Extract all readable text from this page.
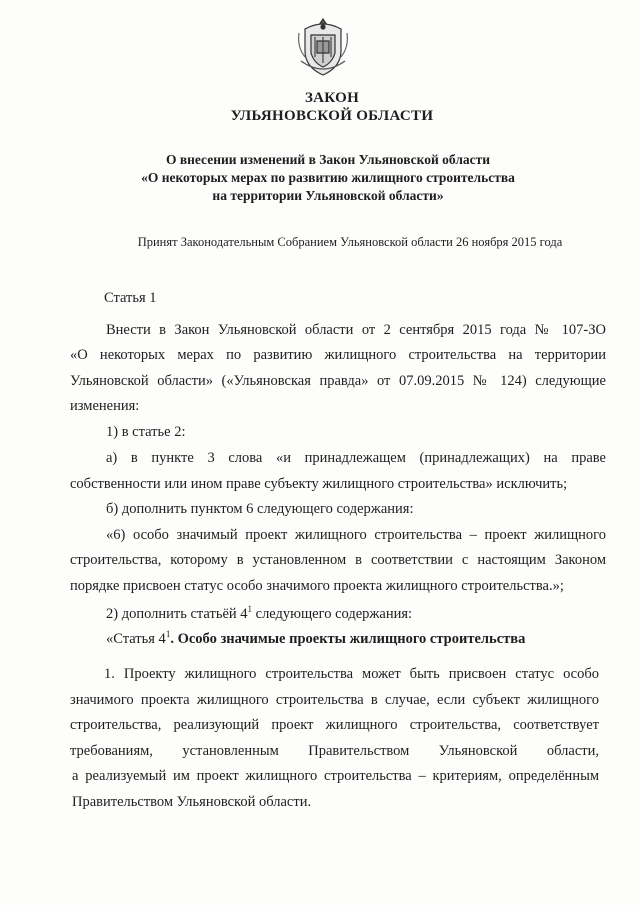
ЗАКОН
УЛЬЯНОВСКОЙ ОБЛАСТИ
О внесении изменений в Закон Ульяновской области
«О некоторых мерах по развитию жилищного строительства
на территории Ульяновской области»
Принят Законодательным Собранием Ульяновской области 26 ноября 2015 года
Статья 1
Внести в Закон Ульяновской области от 2 сентября 2015 года № 107-ЗО
«О некоторых мерах по развитию жилищного строительства на территории
Ульяновской области» («Ульяновская правда» от 07.09.2015 № 124) следующие
изменения:
1) в статье 2:
а) в пункте 3 слова «и принадлежащем (принадлежащих) на праве
собственности или ином праве субъекту жилищного строительства» исключить;
б) дополнить пунктом 6 следующего содержания:
«6) особо значимый проект жилищного строительства – проект жилищного
строительства, которому в установленном в соответствии с настоящим Законом
порядке присвоен статус особо значимого проекта жилищного строительства.»;
2) дополнить статьёй $4^1$ следующего содержания:
«Статья $4^1$. Особо значимые проекты жилищного строительства
1. Проекту жилищного строительства может быть присвоен статус особо
значимого проекта жилищного строительства в случае, если субъект жилищного
строительства, реализующий проект жилищного строительства, соответствует
требованиям, установленным Правительством Ульяновской области,
а реализуемый им проект жилищного строительства – критериям, определённым
Правительством Ульяновской области.
